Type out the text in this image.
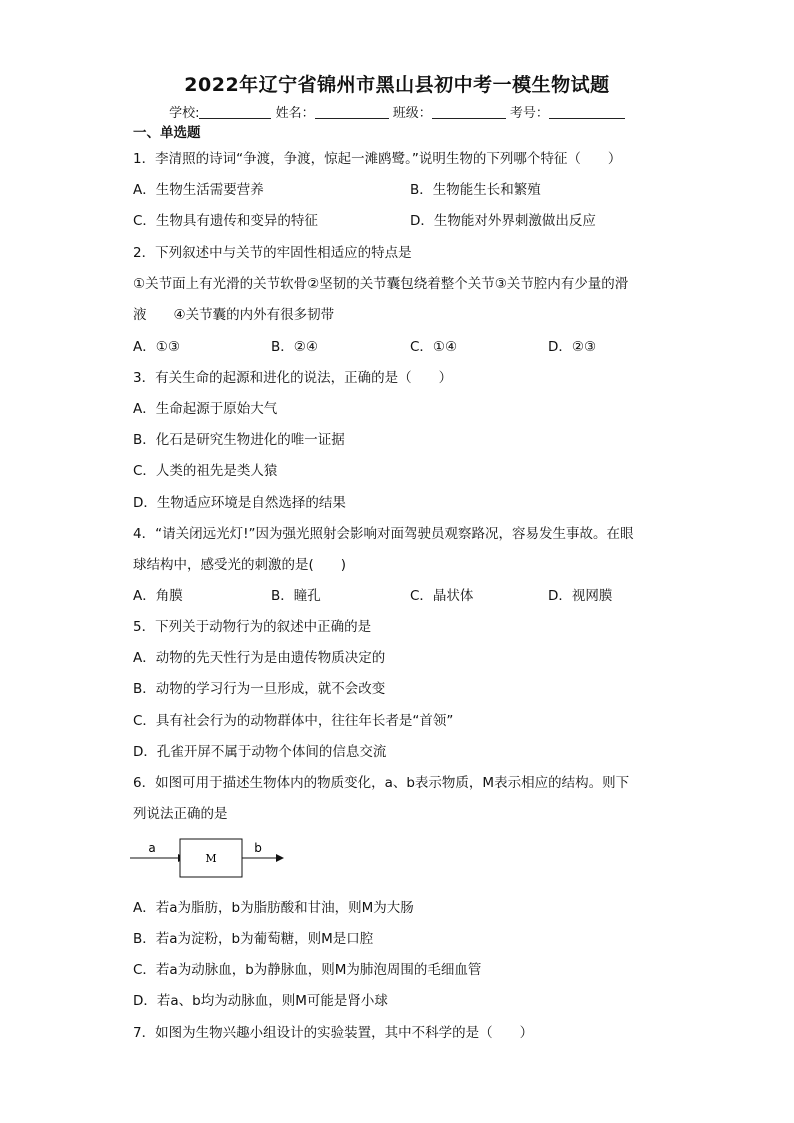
2022年辽宁省锦州市黑山县初中考一模生物试题
学校:	姓名：	班级：	考号：
一、单选题
1．李清照的诗词“争渡，争渡，惊起一滩鸥鹭。”说明生物的下列哪个特征（　　）
A．生物生活需要营养	B．生物能生长和繁殖
C．生物具有遗传和变异的特征	D．生物能对外界刺激做出反应
2．下列叙述中与关节的牢固性相适应的特点是
①关节面上有光滑的关节软骨②坚韧的关节囊包绕着整个关节③关节腔内有少量的滑
液　　④关节囊的内外有很多韧带
A．①③	B．②④	C．①④	D．②③
3．有关生命的起源和进化的说法，正确的是（　　）
A．生命起源于原始大气
B．化石是研究生物进化的唯一证据
C．人类的祖先是类人猿
D．生物适应环境是自然选择的结果
4．“请关闭远光灯!”因为强光照射会影响对面驾驶员观察路况，容易发生事故。在眼
球结构中，感受光的刺激的是(　　)
A．角膜	B．瞳孔	C．晶状体	D．视网膜
5．下列关于动物行为的叙述中正确的是
A．动物的先天性行为是由遗传物质决定的
B．动物的学习行为一旦形成，就不会改变
C．具有社会行为的动物群体中，往往年长者是“首领”
D．孔雀开屏不属于动物个体间的信息交流
6．如图可用于描述生物体内的物质变化，a、b表示物质，M表示相应的结构。则下
列说法正确的是
a
M
b
A．若a为脂肪，b为脂肪酸和甘油，则M为大肠
B．若a为淀粉，b为葡萄糖，则M是口腔
C．若a为动脉血，b为静脉血，则M为肺泡周围的毛细血管
D．若a、b均为动脉血，则M可能是肾小球
7．如图为生物兴趣小组设计的实验装置，其中不科学的是（　　）
